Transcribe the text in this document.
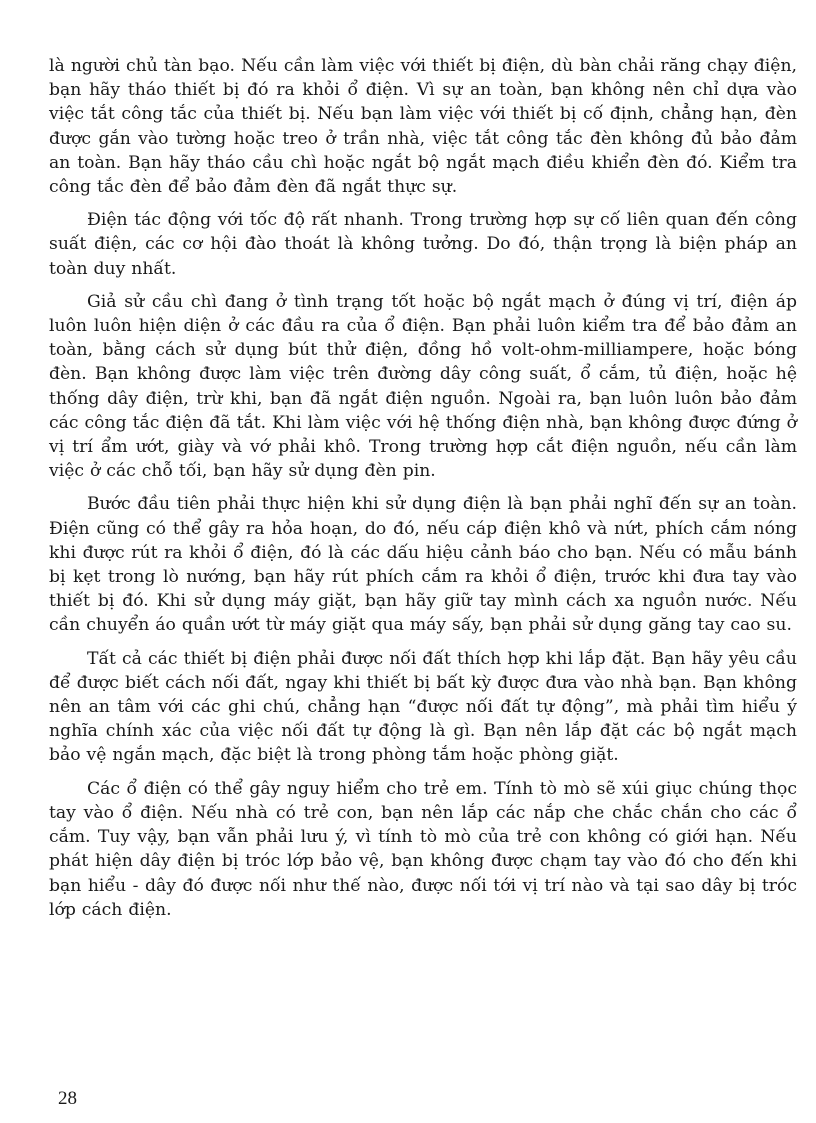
là người chủ tàn bạo. Nếu cần làm việc với thiết bị điện, dù bàn chải răng chạy điện, bạn hãy tháo thiết bị đó ra khỏi ổ điện. Vì sự an toàn, bạn không nên chỉ dựa vào việc tắt công tắc của thiết bị. Nếu bạn làm việc với thiết bị cố định, chẳng hạn, đèn được gắn vào tường hoặc treo ở trần nhà, việc tắt công tắc đèn không đủ bảo đảm an toàn. Bạn hãy tháo cầu chì hoặc ngắt bộ ngắt mạch điều khiển đèn đó. Kiểm tra công tắc đèn để bảo đảm đèn đã ngắt thực sự.

Điện tác động với tốc độ rất nhanh. Trong trường hợp sự cố liên quan đến công suất điện, các cơ hội đào thoát là không tưởng. Do đó, thận trọng là biện pháp an toàn duy nhất.

Giả sử cầu chì đang ở tình trạng tốt hoặc bộ ngắt mạch ở đúng vị trí, điện áp luôn luôn hiện diện ở các đầu ra của ổ điện. Bạn phải luôn kiểm tra để bảo đảm an toàn, bằng cách sử dụng bút thử điện, đồng hồ volt-ohm-milliampere, hoặc bóng đèn. Bạn không được làm việc trên đường dây công suất, ổ cắm, tủ điện, hoặc hệ thống dây điện, trừ khi, bạn đã ngắt điện nguồn. Ngoài ra, bạn luôn luôn bảo đảm các công tắc điện đã tắt. Khi làm việc với hệ thống điện nhà, bạn không được đứng ở vị trí ẩm ướt, giày và vớ phải khô. Trong trường hợp cắt điện nguồn, nếu cần làm việc ở các chỗ tối, bạn hãy sử dụng đèn pin.

Bước đầu tiên phải thực hiện khi sử dụng điện là bạn phải nghĩ đến sự an toàn. Điện cũng có thể gây ra hỏa hoạn, do đó, nếu cáp điện khô và nứt, phích cắm nóng khi được rút ra khỏi ổ điện, đó là các dấu hiệu cảnh báo cho bạn. Nếu có mẫu bánh bị kẹt trong lò nướng, bạn hãy rút phích cắm ra khỏi ổ điện, trước khi đưa tay vào thiết bị đó. Khi sử dụng máy giặt, bạn hãy giữ tay mình cách xa nguồn nước. Nếu cần chuyển áo quần ướt từ máy giặt qua máy sấy, bạn phải sử dụng găng tay cao su.

Tất cả các thiết bị điện phải được nối đất thích hợp khi lắp đặt. Bạn hãy yêu cầu để được biết cách nối đất, ngay khi thiết bị bất kỳ được đưa vào nhà bạn. Bạn không nên an tâm với các ghi chú, chẳng hạn “được nối đất tự động”, mà phải tìm hiểu ý nghĩa chính xác của việc nối đất tự động là gì. Bạn nên lắp đặt các bộ ngắt mạch bảo vệ ngắn mạch, đặc biệt là trong phòng tắm hoặc phòng giặt.

Các ổ điện có thể gây nguy hiểm cho trẻ em. Tính tò mò sẽ xúi giục chúng thọc tay vào ổ điện. Nếu nhà có trẻ con, bạn nên lắp các nắp che chắc chắn cho các ổ cắm. Tuy vậy, bạn vẫn phải lưu ý, vì tính tò mò của trẻ con không có giới hạn. Nếu phát hiện dây điện bị tróc lớp bảo vệ, bạn không được chạm tay vào đó cho đến khi bạn hiểu - dây đó được nối như thế nào, được nối tới vị trí nào và tại sao dây bị tróc lớp cách điện.

28
